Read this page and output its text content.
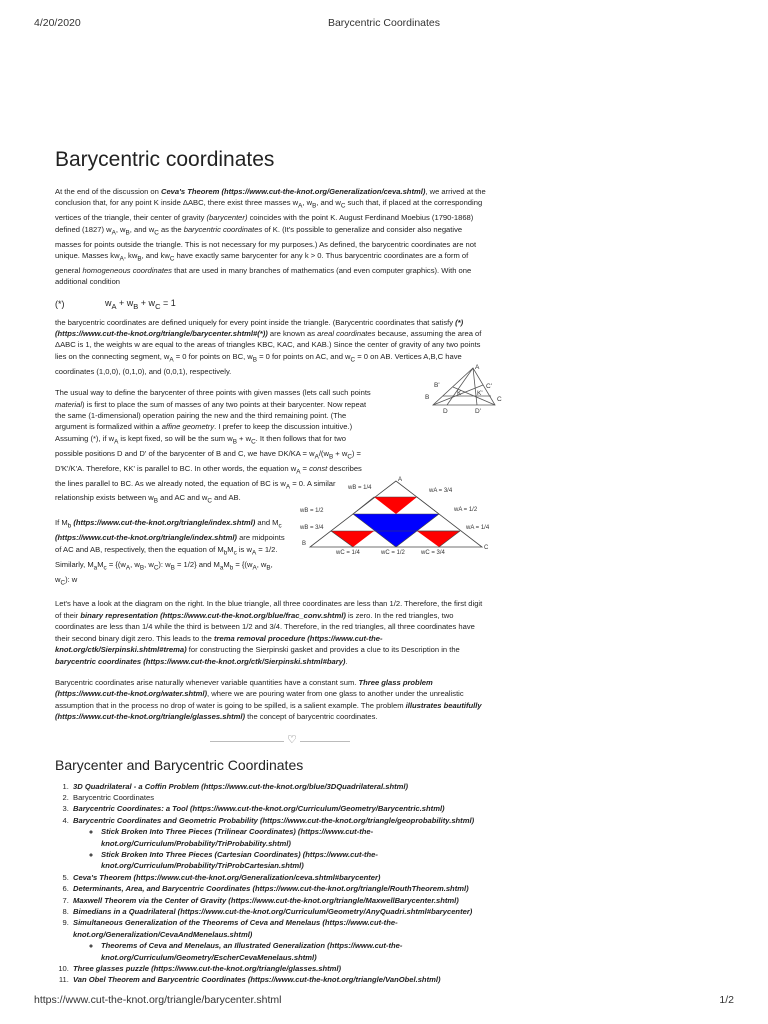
4/20/2020	Barycentric Coordinates
Barycentric coordinates

At the end of the discussion on Ceva's Theorem (https://www.cut-the-knot.org/Generalization/ceva.shtml), we arrived at the conclusion that, for any point K inside ΔABC, there exist three masses $w_A$, $w_B$, and $w_C$ such that, if placed at the corresponding vertices of the triangle, their center of gravity (barycenter) coincides with the point K. August Ferdinand Moebius (1790-1868) defined (1827) $w_A$, $w_B$, and $w_C$ as the barycentric coordinates of K. (It's possible to generalize and consider also negative masses for points outside the triangle. This is not necessary for my purposes.) As defined, the barycentric coordinates are not unique. Masses $kw_A$, $kw_B$, and $kw_C$ have exactly same barycenter for any k > 0. Thus barycentric coordinates are a form of general homogeneous coordinates that are used in many branches of mathematics (and even computer graphics). With one additional condition

(*)	$w_A + w_B + w_C = 1$

the barycentric coordinates are defined uniquely for every point inside the triangle. (Barycentric coordinates that satisfy (*) (https://www.cut-the-knot.org/triangle/barycenter.shtml#(*)) are known as areal coordinates because, assuming the area of ΔABC is 1, the weights w are equal to the areas of triangles KBC, KAC, and KAB.) Since the center of gravity of any two points lies on the connecting segment, $w_A = 0$ for points on BC, $w_B = 0$ for points on AC, and $w_C = 0$ on AB. Vertices A,B,C have coordinates (1,0,0), (0,1,0), and (0,0,1), respectively.

The usual way to define the barycenter of three points with given masses (lets call such points material) is first to place the sum of masses of any two points at their barycenter. Now repeat the same (1-dimensional) operation pairing the new and the third remaining point. (The argument is formalized within a affine geometry. I prefer to keep the discussion intuitive.) Assuming (*), if $w_A$ is kept fixed, so will be the sum $w_B + w_C$. It then follows that for two possible positions D and D' of the barycenter of B and C, we have $DK/KA = w_A/(w_B + w_C) = D'K'/K'A$. Therefore, KK' is parallel to BC. In other words, the equation $w_A$ = const describes the lines parallel to BC. As we already noted, the equation of BC is $w_A = 0$. A similar relationship exists between $w_B$ and AC and $w_C$ and AB.

If $M_b$ (https://www.cut-the-knot.org/triangle/index.shtml) and $M_c$ (https://www.cut-the-knot.org/triangle/index.shtml) are midpoints of AC and AB, respectively, then the equation of $M_bM_c$ is $w_A = 1/2$. Similarly, $M_aM_c = \{(w_A$, $w_B$, $w_C$): $w_B = 1/2$} and $M_aM_b = \{(w_A$, $w_B$, $w_C$): w

Let's have a look at the diagram on the right. In the blue triangle, all three coordinates are less than 1/2. Therefore, the first digit of their binary representation (https://www.cut-the-knot.org/blue/frac_conv.shtml) is zero. In the red triangles, two coordinates are less than 1/4 while the third is between 1/2 and 3/4. Therefore, in the red triangles, all three coordinates have their second binary digit zero. This leads to the trema removal procedure (https://www.cut-the-knot.org/ctk/Sierpinski.shtml#trema) for constructing the Sierpinski gasket and provides a clue to its Description in the barycentric coordinates (https://www.cut-the-knot.org/ctk/Sierpinski.shtml#bary).

Barycentric coordinates arise naturally whenever variable quantities have a constant sum. Three glass problem (https://www.cut-the-knot.org/water.shtml), where we are pouring water from one glass to another under the unrealistic assumption that in the process no drop of water is going to be spilled, is a salient example. The problem illustrates beautifully (https://www.cut-the-knot.org/triangle/glasses.shtml) the concept of barycentric coordinates.

♡
Barycenter and Barycentric Coordinates
1. 3D Quadrilateral - a Coffin Problem (https://www.cut-the-knot.org/blue/3DQuadrilateral.shtml)
2. Barycentric Coordinates
3. Barycentric Coordinates: a Tool (https://www.cut-the-knot.org/Curriculum/Geometry/Barycentric.shtml)
4. Barycentric Coordinates and Geometric Probability (https://www.cut-the-knot.org/triangle/geoprobability.shtml)
◦ Stick Broken Into Three Pieces (Trilinear Coordinates) (https://www.cut-the-knot.org/Curriculum/Probability/TriProbability.shtml)
◦ Stick Broken Into Three Pieces (Cartesian Coordinates) (https://www.cut-the-knot.org/Curriculum/Probability/TriProbCartesian.shtml)
5. Ceva's Theorem (https://www.cut-the-knot.org/Generalization/ceva.shtml#barycenter)
6. Determinants, Area, and Barycentric Coordinates (https://www.cut-the-knot.org/triangle/RouthTheorem.shtml)
7. Maxwell Theorem via the Center of Gravity (https://www.cut-the-knot.org/triangle/MaxwellBarycenter.shtml)
8. Bimedians in a Quadrilateral (https://www.cut-the-knot.org/Curriculum/Geometry/AnyQuadri.shtml#barycenter)
9. Simultaneous Generalization of the Theorems of Ceva and Menelaus (https://www.cut-the-knot.org/Generalization/CevaAndMenelaus.shtml)
◦ Theorems of Ceva and Menelaus, an Illustrated Generalization (https://www.cut-the-knot.org/Curriculum/Geometry/EscherCevaMenelaus.shtml)
10. Three glasses puzzle (https://www.cut-the-knot.org/triangle/glasses.shtml)
11. Van Obel Theorem and Barycentric Coordinates (https://www.cut-the-knot.org/triangle/VanObel.shtml)
A
B'	C'
K K'
B	C
D	D'
A
B
C
wB = 1/4	wA = 3/4
wA = 1/2
wB = 1/2
wB = 3/4	wA = 1/4
wC = 1/4	wC = 1/2	wC = 3/4
https://www.cut-the-knot.org/triangle/barycenter.shtml	1/2
